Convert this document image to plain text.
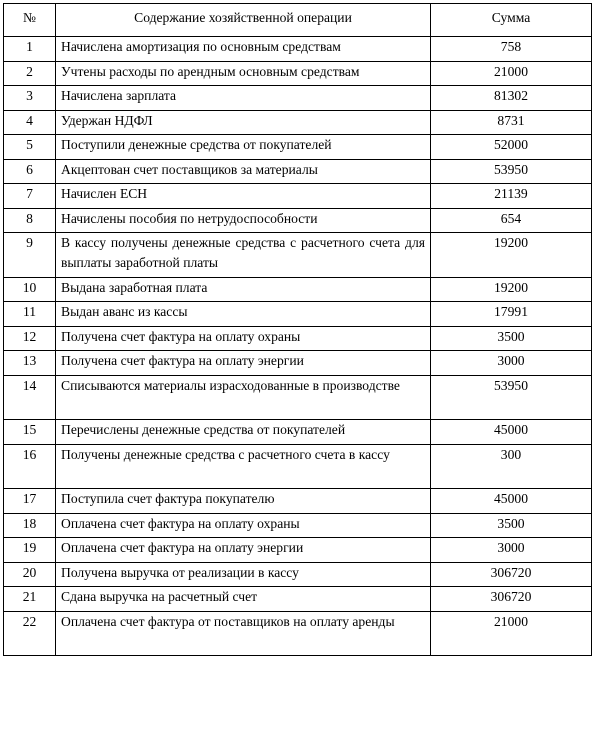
№	Содержание хозяйственной операции	Сумма
1	Начислена амортизация по основным средствам	758
2	Учтены расходы по арендным основным средствам	21000
3	Начислена зарплата	81302
4	Удержан НДФЛ	8731
5	Поступили денежные средства от покупателей	52000
6	Акцептован счет поставщиков за материалы	53950
7	Начислен ЕСН	21139
8	Начислены пособия по нетрудоспособности	654
9	В кассу получены денежные средства с расчетного счета для выплаты заработной платы	19200
10	Выдана заработная плата	19200
11	Выдан аванс из кассы	17991
12	Получена счет фактура на оплату охраны	3500
13	Получена счет фактура на оплату энергии	3000
14	Списываются материалы израсходованные в производстве	53950
15	Перечислены денежные средства от покупателей	45000
16	Получены денежные средства с расчетного счета в кассу	300
17	Поступила счет фактура покупателю	45000
18	Оплачена счет фактура на оплату охраны	3500
19	Оплачена счет фактура на оплату энергии	3000
20	Получена выручка от реализации в кассу	306720
21	Сдана выручка на расчетный счет	306720
22	Оплачена счет фактура от поставщиков на оплату аренды	21000
